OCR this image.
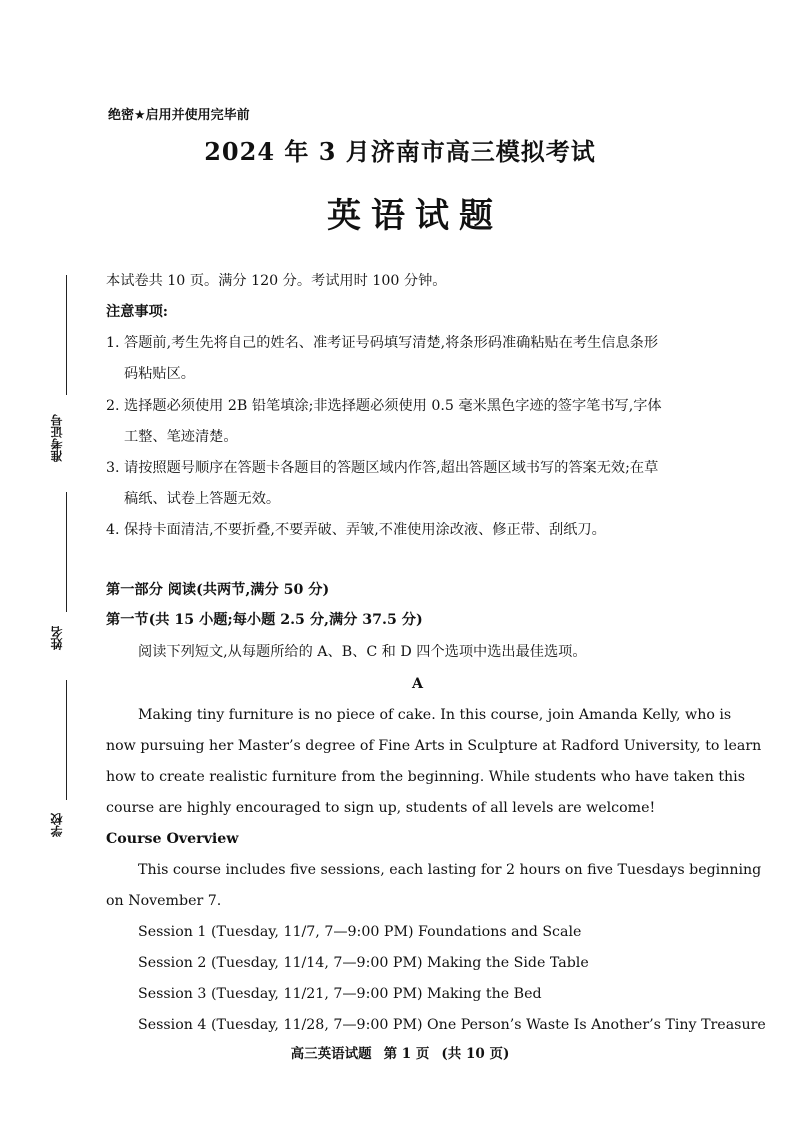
绝密★启用并使用完毕前
2024 年 3 月济南市高三模拟考试
英语试题
准考证号
姓名
学校
本试卷共 10 页。满分 120 分。考试用时 100 分钟。
注意事项:
1. 答题前,考生先将自己的姓名、准考证号码填写清楚,将条形码准确粘贴在考生信息条形
码粘贴区。
2. 选择题必须使用 2B 铅笔填涂;非选择题必须使用 0.5 毫米黑色字迹的签字笔书写,字体
工整、笔迹清楚。
3. 请按照题号顺序在答题卡各题目的答题区域内作答,超出答题区域书写的答案无效;在草
稿纸、试卷上答题无效。
4. 保持卡面清洁,不要折叠,不要弄破、弄皱,不准使用涂改液、修正带、刮纸刀。
第一部分 阅读(共两节,满分 50 分)
第一节(共 15 小题;每小题 2.5 分,满分 37.5 分)
阅读下列短文,从每题所给的 A、B、C 和 D 四个选项中选出最佳选项。
A
Making tiny furniture is no piece of cake. In this course, join Amanda Kelly, who is
now pursuing her Master’s degree of Fine Arts in Sculpture at Radford University, to learn
how to create realistic furniture from the beginning. While students who have taken this
course are highly encouraged to sign up, students of all levels are welcome!
Course Overview
This course includes five sessions, each lasting for 2 hours on five Tuesdays beginning
on November 7.
Session 1 (Tuesday, 11/7, 7—9:00 PM) Foundations and Scale
Session 2 (Tuesday, 11/14, 7—9:00 PM) Making the Side Table
Session 3 (Tuesday, 11/21, 7—9:00 PM) Making the Bed
Session 4 (Tuesday, 11/28, 7—9:00 PM) One Person’s Waste Is Another’s Tiny Treasure
高三英语试题 第 1 页 (共 10 页)
